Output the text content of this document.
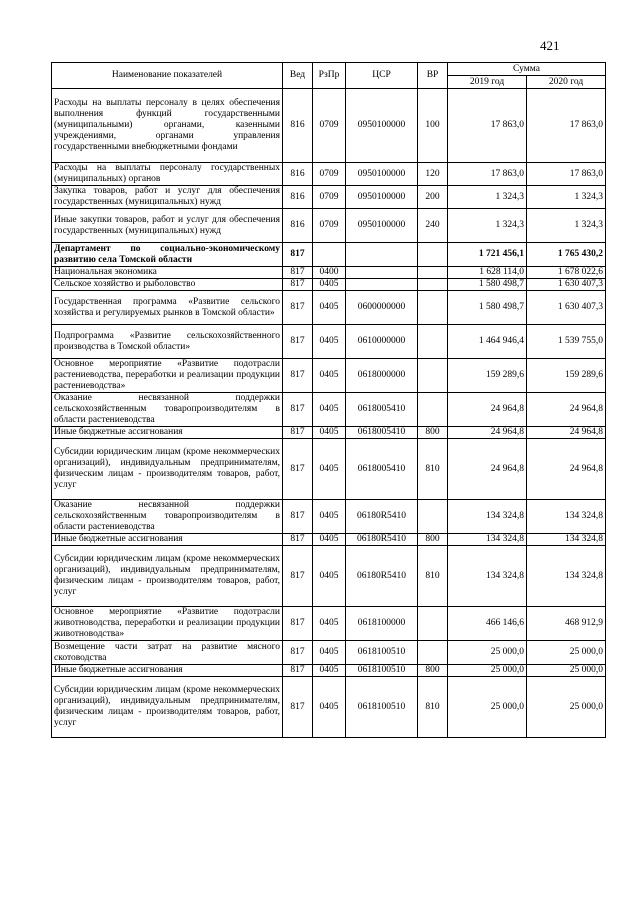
421
Наименование показателей	Вед	РзПр	ЦСР	ВР	Сумма	
					2019 год	2020 год
Расходы на выплаты персоналу в целях обеспечения выполнения функций государственными (муниципальными) органами, казенными учреждениями, органами управления государственными внебюджетными фондами	816	0709	0950100000	100	17 863,0	17 863,0
Расходы на выплаты персоналу государственных (муниципальных) органов	816	0709	0950100000	120	17 863,0	17 863,0
Закупка товаров, работ и услуг для обеспечения государственных (муниципальных) нужд	816	0709	0950100000	200	1 324,3	1 324,3
Иные закупки товаров, работ и услуг для обеспечения государственных (муниципальных) нужд	816	0709	0950100000	240	1 324,3	1 324,3
Департамент по социально-экономическому развитию села Томской области	817				1 721 456,1	1 765 430,2
Национальная экономика	817	0400			1 628 114,0	1 678 022,6
Сельское хозяйство и рыболовство	817	0405			1 580 498,7	1 630 407,3
Государственная программа «Развитие сельского хозяйства и регулируемых рынков в Томской области»	817	0405	0600000000		1 580 498,7	1 630 407,3
Подпрограмма «Развитие сельскохозяйственного производства в Томской области»	817	0405	0610000000		1 464 946,4	1 539 755,0
Основное мероприятие «Развитие подотрасли растениеводства, переработки и реализации продукции растениеводства»	817	0405	0618000000		159 289,6	159 289,6
Оказание несвязанной поддержки сельскохозяйственным товаропроизводителям в области растениеводства	817	0405	0618005410		24 964,8	24 964,8
Иные бюджетные ассигнования	817	0405	0618005410	800	24 964,8	24 964,8
Субсидии юридическим лицам (кроме некоммерческих организаций), индивидуальным предпринимателям, физическим лицам - производителям товаров, работ, услуг	817	0405	0618005410	810	24 964,8	24 964,8
Оказание несвязанной поддержки сельскохозяйственным товаропроизводителям в области растениеводства	817	0405	06180R5410		134 324,8	134 324,8
Иные бюджетные ассигнования	817	0405	06180R5410	800	134 324,8	134 324,8
Субсидии юридическим лицам (кроме некоммерческих организаций), индивидуальным предпринимателям, физическим лицам - производителям товаров, работ, услуг	817	0405	06180R5410	810	134 324,8	134 324,8
Основное мероприятие «Развитие подотрасли животноводства, переработки и реализации продукции животноводства»	817	0405	0618100000		466 146,6	468 912,9
Возмещение части затрат на развитие мясного скотоводства	817	0405	0618100510		25 000,0	25 000,0
Иные бюджетные ассигнования	817	0405	0618100510	800	25 000,0	25 000,0
Субсидии юридическим лицам (кроме некоммерческих организаций), индивидуальным предпринимателям, физическим лицам - производителям товаров, работ, услуг	817	0405	0618100510	810	25 000,0	25 000,0
